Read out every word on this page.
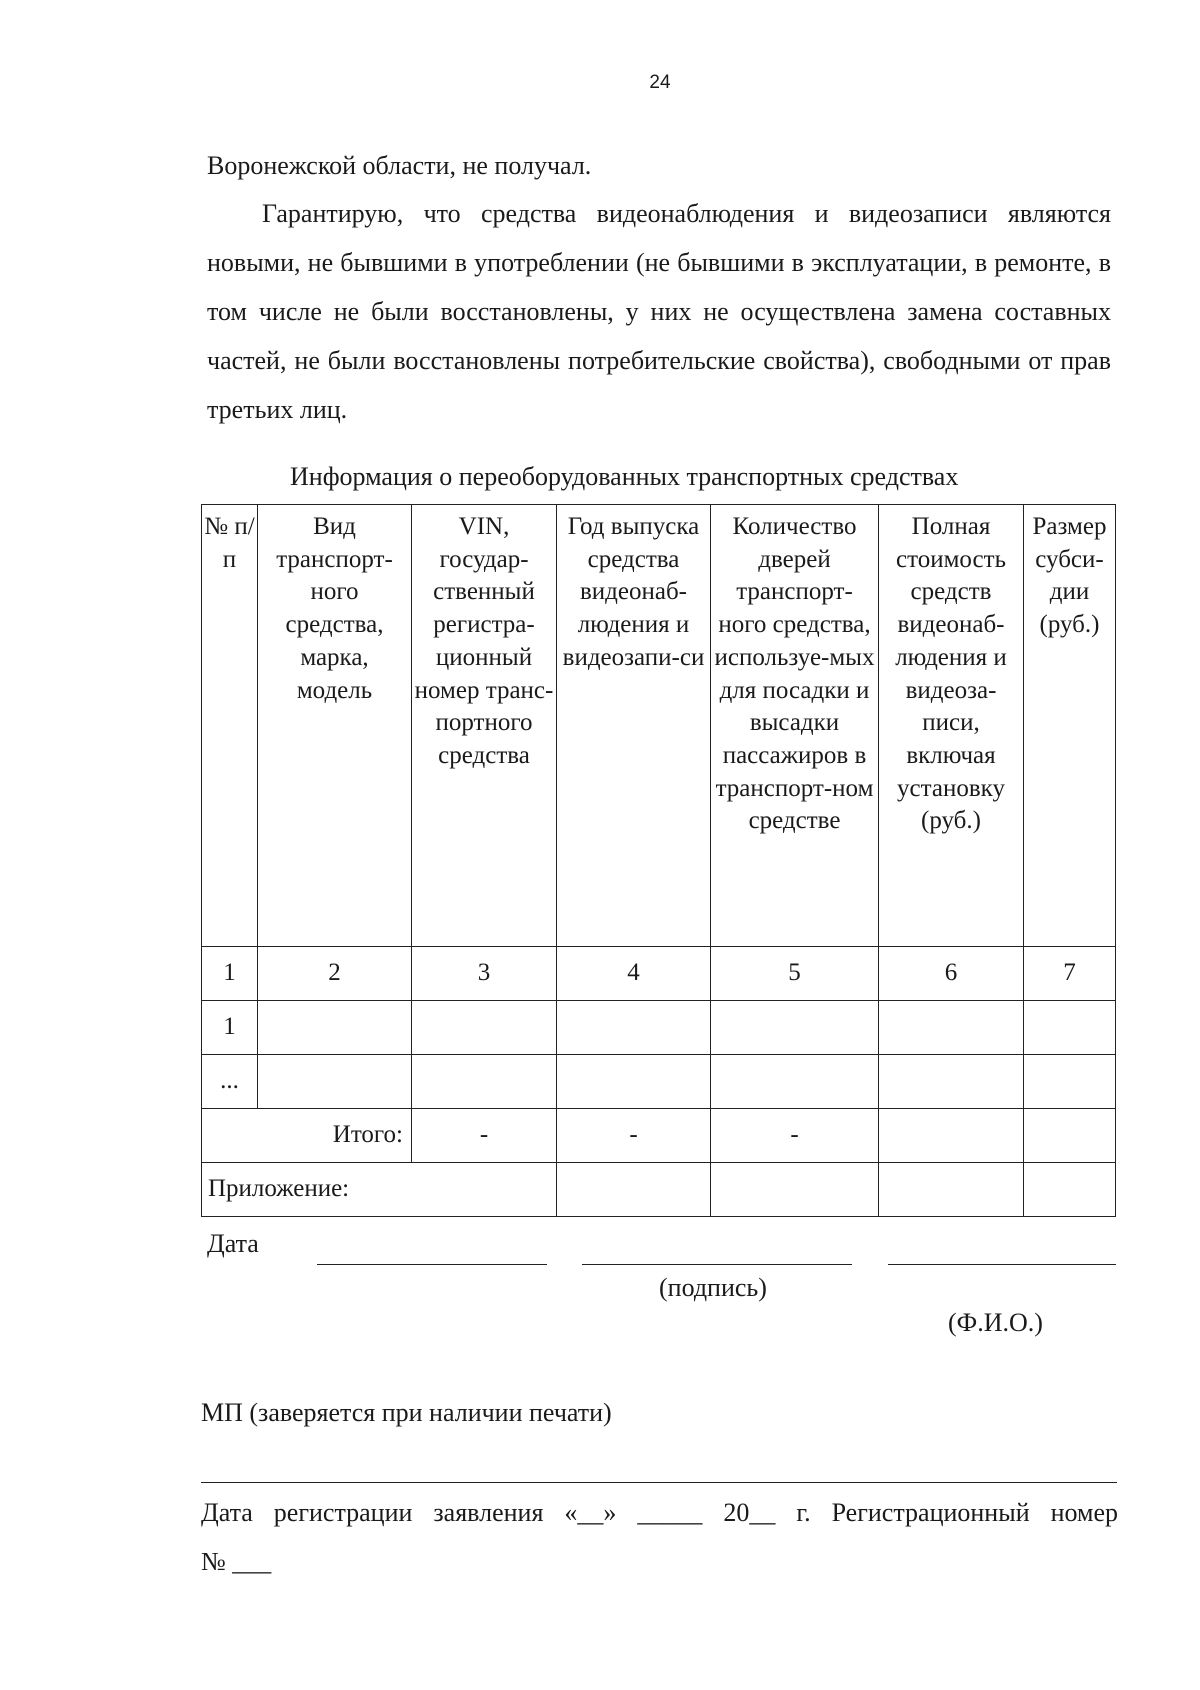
24
Воронежской области, не получал.
Гарантирую, что средства видеонаблюдения и видеозаписи являются новыми, не бывшими в употреблении (не бывшими в эксплуатации, в ремонте, в том числе не были восстановлены, у них не осуществлена замена составных частей, не были восстановлены потребительские свойства), свободными от прав третьих лиц.
Информация о переоборудованных транспортных средствах
№ п/п	Вид транспорт-ного средства, марка, модель	VIN, государ-ственный регистра-ционный номер транс-портного средства	Год выпуска средства видеонаб-людения и видеозапи-си	Количество дверей транспорт-ного средства, используе-мых для посадки и высадки пассажиров в транспорт-ном средстве	Полная стоимость средств видеонаб-людения и видеоза-писи, включая установку (руб.)	Размер субси-дии (руб.)
1	2	3	4	5	6	7
1						
...						
Итого:		-	-	-		
Приложение:						
Дата
(подпись)
(Ф.И.О.)
МП (заверяется при наличии печати)
Дата регистрации заявления «__» _____ 20__ г. Регистрационный номер
№ ___
